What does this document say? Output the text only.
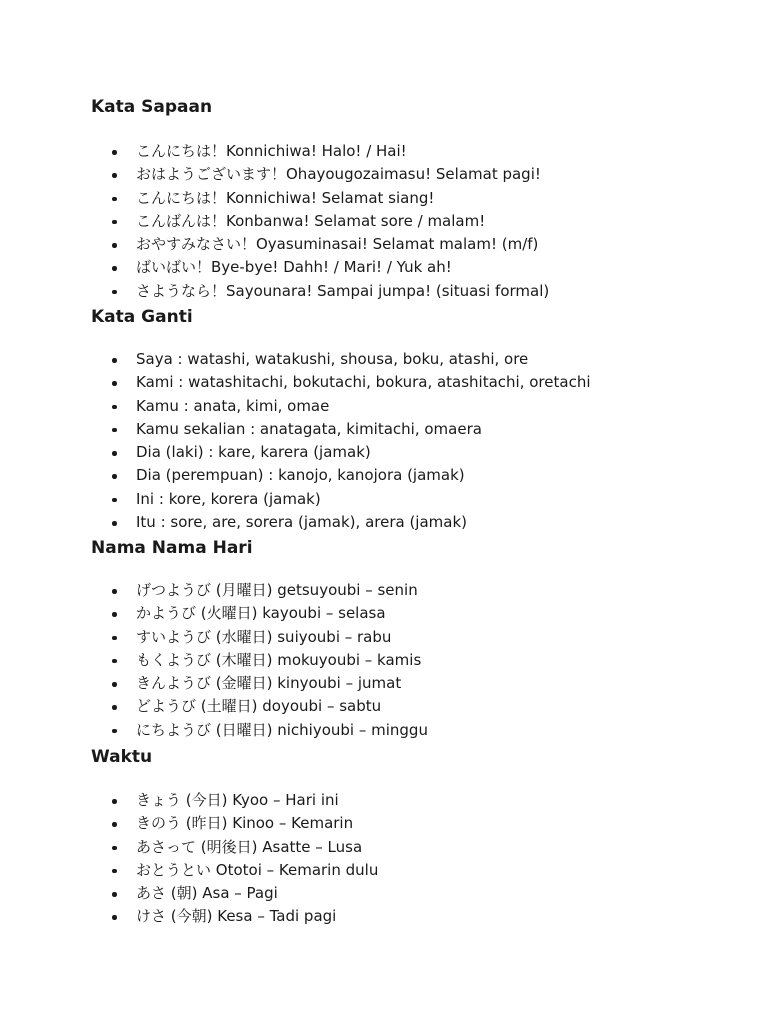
Kata Sapaan
こんにちは！Konnichiwa! Halo! / Hai!
おはようございます！Ohayougozaimasu! Selamat pagi!
こんにちは！Konnichiwa! Selamat siang!
こんばんは！Konbanwa! Selamat sore / malam!
おやすみなさい！Oyasuminasai! Selamat malam! (m/f)
ばいばい！Bye-bye! Dahh! / Mari! / Yuk ah!
さようなら！Sayounara! Sampai jumpa! (situasi formal)
Kata Ganti
Saya : watashi, watakushi, shousa, boku, atashi, ore
Kami : watashitachi, bokutachi, bokura, atashitachi, oretachi
Kamu : anata, kimi, omae
Kamu sekalian : anatagata, kimitachi, omaera
Dia (laki) : kare, karera (jamak)
Dia (perempuan) : kanojo, kanojora (jamak)
Ini : kore, korera (jamak)
Itu : sore, are, sorera (jamak), arera (jamak)
Nama Nama Hari
げつようび (月曜日) getsuyoubi – senin
かようび (火曜日) kayoubi – selasa
すいようび (水曜日) suiyoubi – rabu
もくようび (木曜日) mokuyoubi – kamis
きんようび (金曜日) kinyoubi – jumat
どようび (土曜日) doyoubi – sabtu
にちようび (日曜日) nichiyoubi – minggu
Waktu
きょう (今日) Kyoo – Hari ini
きのう (昨日) Kinoo – Kemarin
あさって (明後日) Asatte – Lusa
おとうとい Ototoi – Kemarin dulu
あさ (朝) Asa – Pagi
けさ (今朝) Kesa – Tadi pagi
